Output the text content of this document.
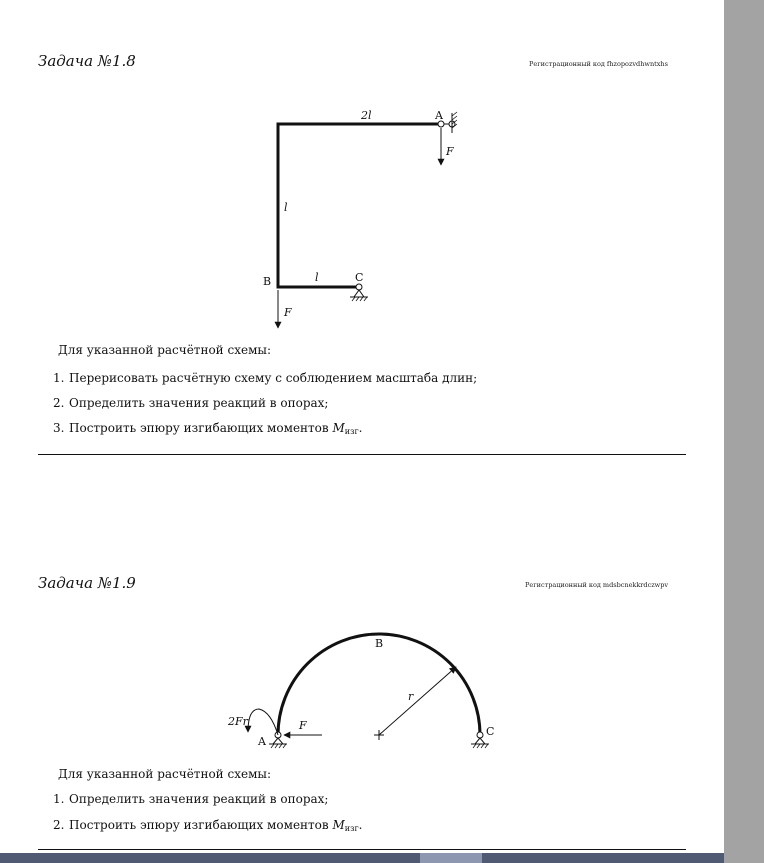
Задача №1.8	Регистрационный код fhzopozvdhwntxhs
2l	A
F
l
B	l	C
F
Для указанной расчётной схемы:
1. Перерисовать расчётную схему с соблюдением масштаба длин;
2. Определить значения реакций в опорах;
3. Построить эпюру изгибающих моментов $M_{изг}$.
Задача №1.9	Регистрационный код mdsbcnekkrdczwpv
B
r
F
2Fr
A
C
Для указанной расчётной схемы:
1. Определить значения реакций в опорах;
2. Построить эпюру изгибающих моментов $M_{изг}$.
